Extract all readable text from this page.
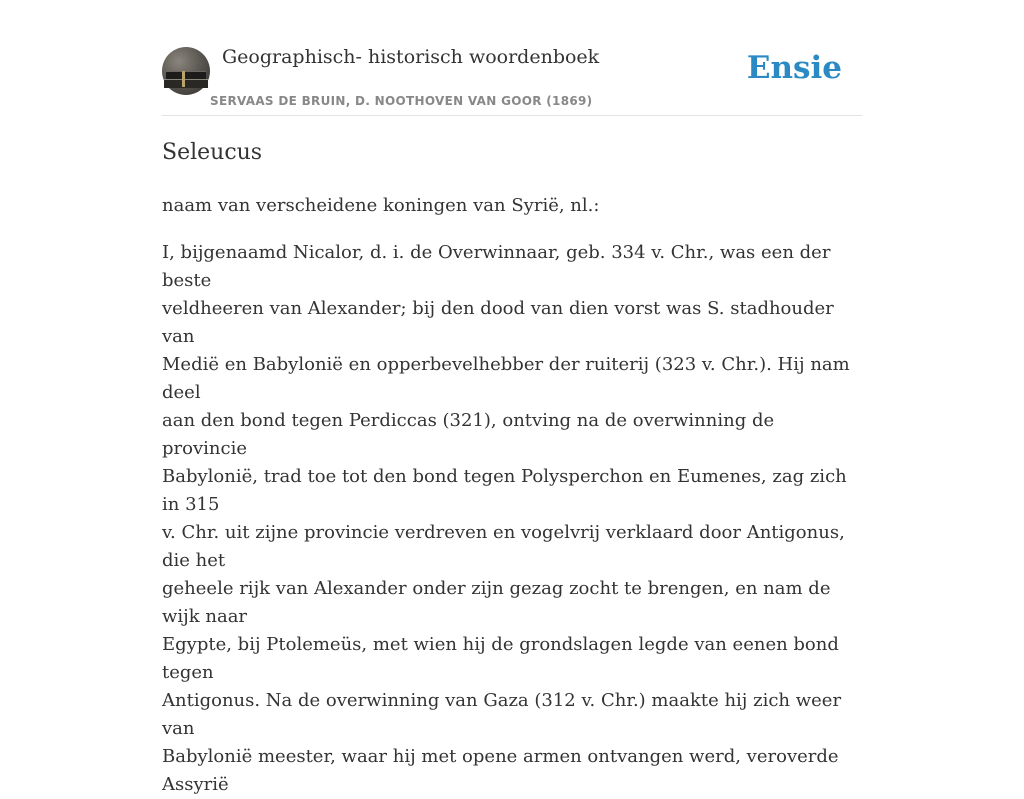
Geographisch- historisch woordenboek
SERVAAS DE BRUIN, D. NOOTHOVEN VAN GOOR (1869)
Ensie
Seleucus

naam van verscheidene koningen van Syrië, nl.:

I, bijgenaamd Nicalor, d. i. de Overwinnaar, geb. 334 v. Chr., was een der beste
veldheeren van Alexander; bij den dood van dien vorst was S. stadhouder van
Medië en Babylonië en opperbevelhebber der ruiterij (323 v. Chr.). Hij nam deel
aan den bond tegen Perdiccas (321), ontving na de overwinning de provincie
Babylonië, trad toe tot den bond tegen Polysperchon en Eumenes, zag zich in 315
v. Chr. uit zijne provincie verdreven en vogelvrij verklaard door Antigonus, die het
geheele rijk van Alexander onder zijn gezag zocht te brengen, en nam de wijk naar
Egypte, bij Ptolemeüs, met wien hij de grondslagen legde van eenen bond tegen
Antigonus. Na de overwinning van Gaza (312 v. Chr.) maakte hij zich weer van
Babylonië meester, waar hij met opene armen ontvangen werd, veroverde Assyrië
